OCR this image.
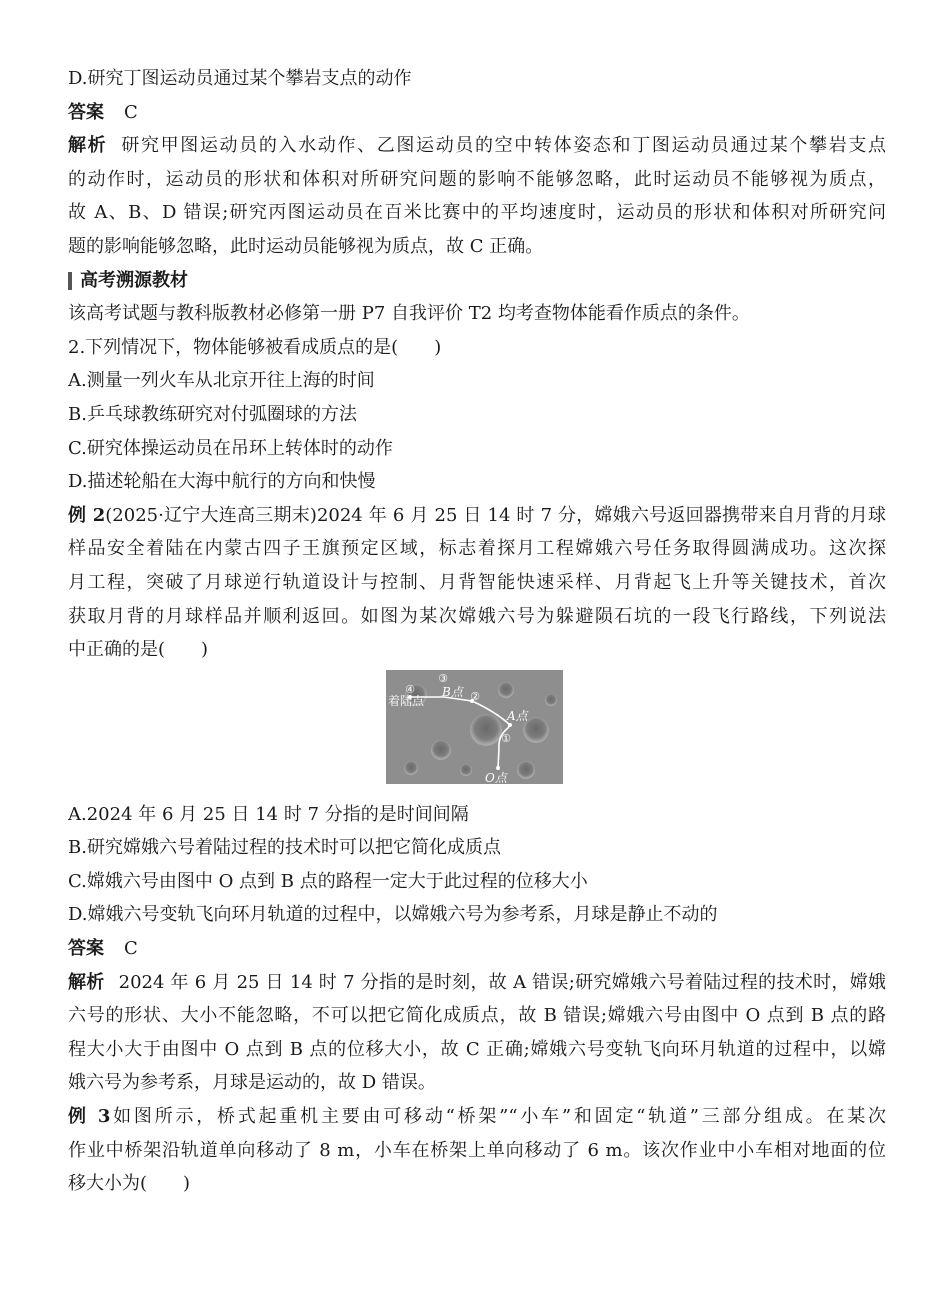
D.研究丁图运动员通过某个攀岩支点的动作
答案 C
解析 研究甲图运动员的入水动作、乙图运动员的空中转体姿态和丁图运动员通过某个攀岩支点
的动作时，运动员的形状和体积对所研究问题的影响不能够忽略，此时运动员不能够视为质点，
故 A、B、D 错误;研究丙图运动员在百米比赛中的平均速度时，运动员的形状和体积对所研究问
题的影响能够忽略，此时运动员能够视为质点，故 C 正确。
高考溯源教材
该高考试题与教科版教材必修第一册 P7 自我评价 T2 均考查物体能看作质点的条件。
2.下列情况下，物体能够被看成质点的是(　　)
A.测量一列火车从北京开往上海的时间
B.乒乓球教练研究对付弧圈球的方法
C.研究体操运动员在吊环上转体时的动作
D.描述轮船在大海中航行的方向和快慢
例 2(2025·辽宁大连高三期末)2024 年 6 月 25 日 14 时 7 分，嫦娥六号返回器携带来自月背的月球
样品安全着陆在内蒙古四子王旗预定区域，标志着探月工程嫦娥六号任务取得圆满成功。这次探
月工程，突破了月球逆行轨道设计与控制、月背智能快速采样、月背起飞上升等关键技术，首次
获取月背的月球样品并顺利返回。如图为某次嫦娥六号为躲避陨石坑的一段飞行路线，下列说法
中正确的是(　　)
④
着陆点
③
B点 ②
A点
①
O点
A.2024 年 6 月 25 日 14 时 7 分指的是时间间隔
B.研究嫦娥六号着陆过程的技术时可以把它简化成质点
C.嫦娥六号由图中 O 点到 B 点的路程一定大于此过程的位移大小
D.嫦娥六号变轨飞向环月轨道的过程中，以嫦娥六号为参考系，月球是静止不动的
答案 C
解析 2024 年 6 月 25 日 14 时 7 分指的是时刻，故 A 错误;研究嫦娥六号着陆过程的技术时，嫦娥
六号的形状、大小不能忽略，不可以把它简化成质点，故 B 错误;嫦娥六号由图中 O 点到 B 点的路
程大小大于由图中 O 点到 B 点的位移大小，故 C 正确;嫦娥六号变轨飞向环月轨道的过程中，以嫦
娥六号为参考系，月球是运动的，故 D 错误。
例 3如图所示，桥式起重机主要由可移动“桥架”“小车”和固定“轨道”三部分组成。在某次
作业中桥架沿轨道单向移动了 8 m，小车在桥架上单向移动了 6 m。该次作业中小车相对地面的位
移大小为(　　)
